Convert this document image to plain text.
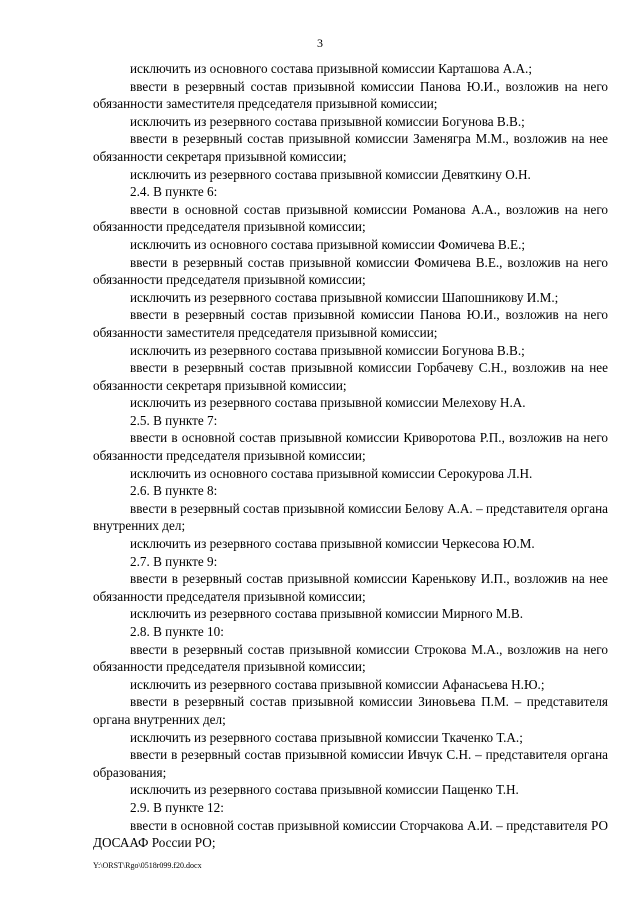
3

исключить из основного состава призывной комиссии Карташова А.А.;

ввести в резервный состав призывной комиссии Панова Ю.И., возложив на него обязанности заместителя председателя призывной комиссии;

исключить из резервного состава призывной комиссии Богунова В.В.;

ввести в резервный состав призывной комиссии Заменягра М.М., возложив на нее обязанности секретаря призывной комиссии;

исключить из резервного состава призывной комиссии Девяткину О.Н.

2.4. В пункте 6:

ввести в основной состав призывной комиссии Романова А.А., возложив на него обязанности председателя призывной комиссии;

исключить из основного состава призывной комиссии Фомичева В.Е.;

ввести в резервный состав призывной комиссии Фомичева В.Е., возложив на него обязанности председателя призывной комиссии;

исключить из резервного состава призывной комиссии Шапошникову И.М.;

ввести в резервный состав призывной комиссии Панова Ю.И., возложив на него обязанности заместителя председателя призывной комиссии;

исключить из резервного состава призывной комиссии Богунова В.В.;

ввести в резервный состав призывной комиссии Горбачеву С.Н., возложив на нее обязанности секретаря призывной комиссии;

исключить из резервного состава призывной комиссии Мелехову Н.А.

2.5. В пункте 7:

ввести в основной состав призывной комиссии Криворотова Р.П., возложив на него обязанности председателя призывной комиссии;

исключить из основного состава призывной комиссии Серокурова Л.Н.

2.6. В пункте 8:

ввести в резервный состав призывной комиссии Белову А.А. – представителя органа внутренних дел;

исключить из резервного состава призывной комиссии Черкесова Ю.М.

2.7. В пункте 9:

ввести в резервный состав призывной комиссии Каренькову И.П., возложив на нее обязанности председателя призывной комиссии;

исключить из резервного состава призывной комиссии Мирного М.В.

2.8. В пункте 10:

ввести в резервный состав призывной комиссии Строкова М.А., возложив на него обязанности председателя призывной комиссии;

исключить из резервного состава призывной комиссии Афанасьева Н.Ю.;

ввести в резервный состав призывной комиссии Зиновьева П.М. – представителя органа внутренних дел;

исключить из резервного состава призывной комиссии Ткаченко Т.А.;

ввести в резервный состав призывной комиссии Ивчук С.Н. – представителя органа образования;

исключить из резервного состава призывной комиссии Пащенко Т.Н.

2.9. В пункте 12:

ввести в основной состав призывной комиссии Сторчакова А.И. – представителя РО ДОСААФ России РО;

Y:\ORST\Rgo\0518r099.f20.docx
